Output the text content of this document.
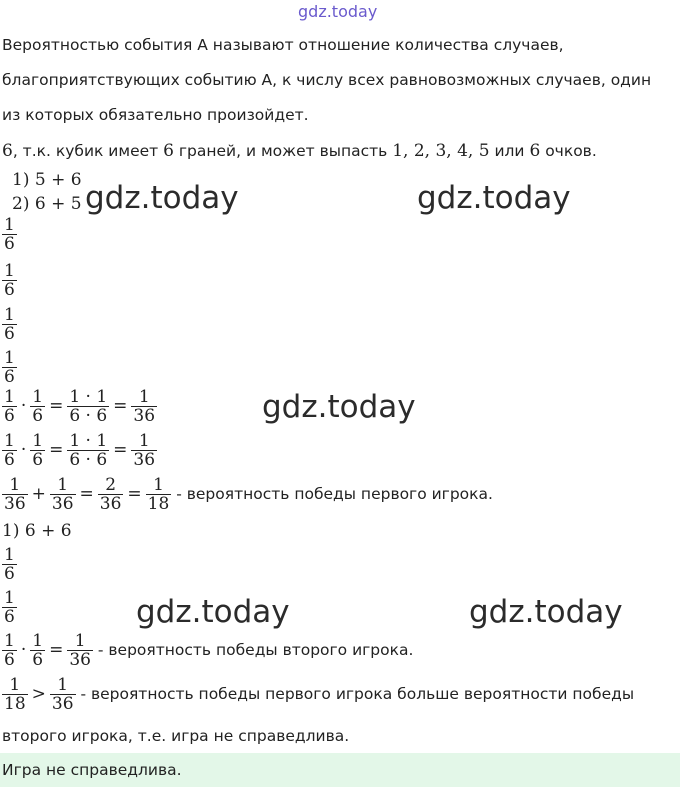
gdz.today
Вероятностью события А называют отношение количества случаев,
благоприятствующих событию А, к числу всех равновозможных случаев, один
из которых обязательно произойдет.
6, т.к. кубик имеет 6 граней, и может выпасть 1, 2, 3, 4, 5 или 6 очков.
1) 5 + 6
2) 6 + 5 gdz.today	gdz.today
$\frac{1}{6}$
$\frac{1}{6}$
$\frac{1}{6}$
$\frac{1}{6}$
$\frac{1}{6} \cdot \frac{1}{6} = \frac{1 \cdot 1}{6 \cdot 6} = \frac{1}{36}$	gdz.today
$\frac{1}{6} \cdot \frac{1}{6} = \frac{1 \cdot 1}{6 \cdot 6} = \frac{1}{36}$
$\frac{1}{36} + \frac{1}{36} = \frac{2}{36} = \frac{1}{18}$ - вероятность победы первого игрока.
1) 6 + 6
$\frac{1}{6}$
$\frac{1}{6}$	gdz.today	gdz.today
$\frac{1}{6} \cdot \frac{1}{6} = \frac{1}{36}$ - вероятность победы второго игрока.
$\frac{1}{18} > \frac{1}{36}$ - вероятность победы первого игрока больше вероятности победы
второго игрока, т.е. игра не справедлива.
Игра не справедлива.
